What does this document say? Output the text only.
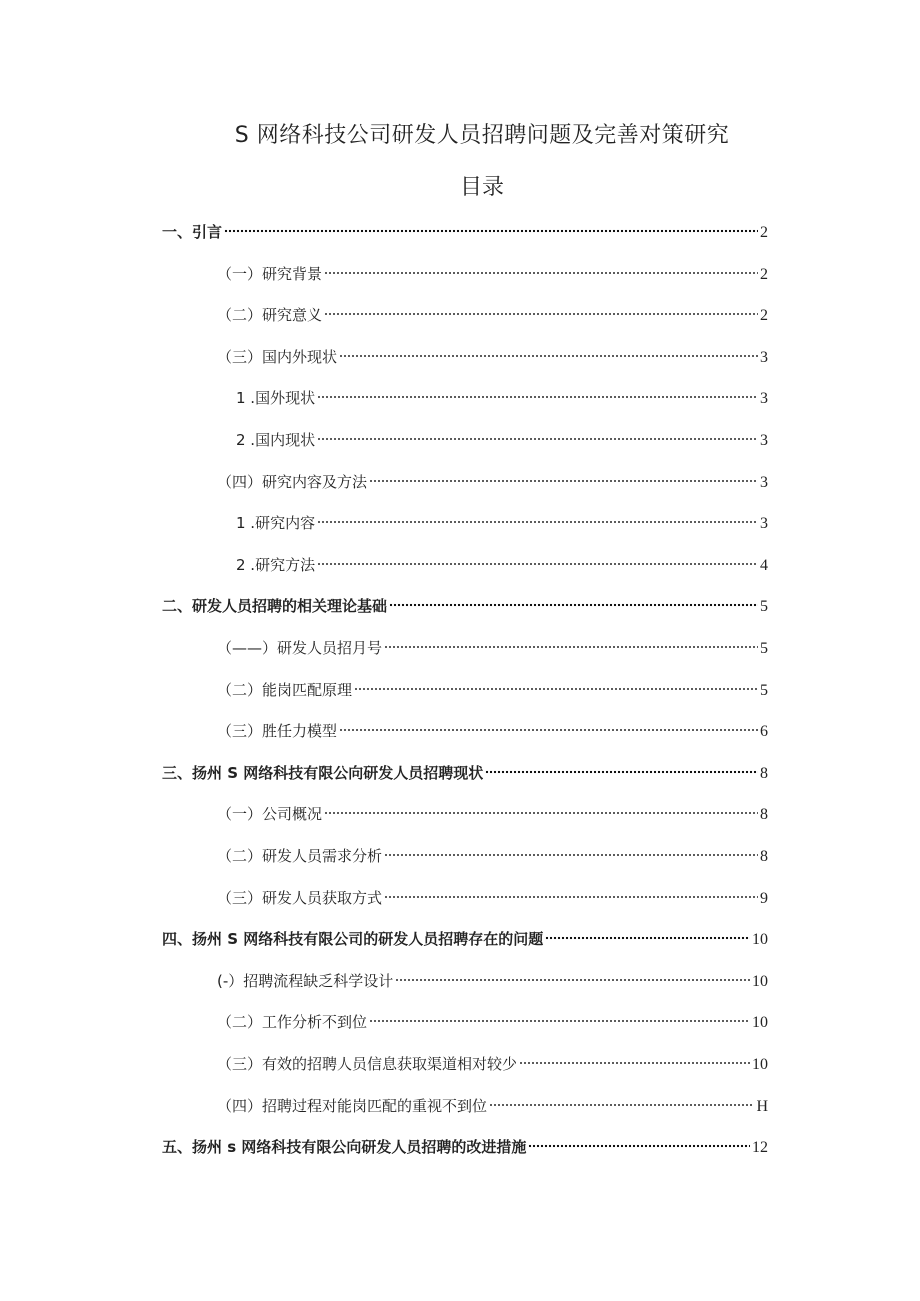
S 网络科技公司研发人员招聘问题及完善对策研究
目录
一、引言	2
（一）研究背景	2
（二）研究意义	2
（三）国内外现状	3
1 .国外现状	3
2 .国内现状	3
（四）研究内容及方法	3
1 .研究内容	3
2 .研究方法	4
二、研发人员招聘的相关理论基础	5
（——）研发人员招月号	5
（二）能岗匹配原理	5
（三）胜任力模型	6
三、扬州 S 网络科技有限公向研发人员招聘现状	8
（一）公司概况	8
（二）研发人员需求分析	8
（三）研发人员获取方式	9
四、扬州 S 网络科技有限公司的研发人员招聘存在的问题	10
(-）招聘流程缺乏科学设计	10
（二）工作分析不到位	10
（三）有效的招聘人员信息获取渠道相对较少	10
（四）招聘过程对能岗匹配的重视不到位	H
五、扬州 s 网络科技有限公向研发人员招聘的改进措施	12
